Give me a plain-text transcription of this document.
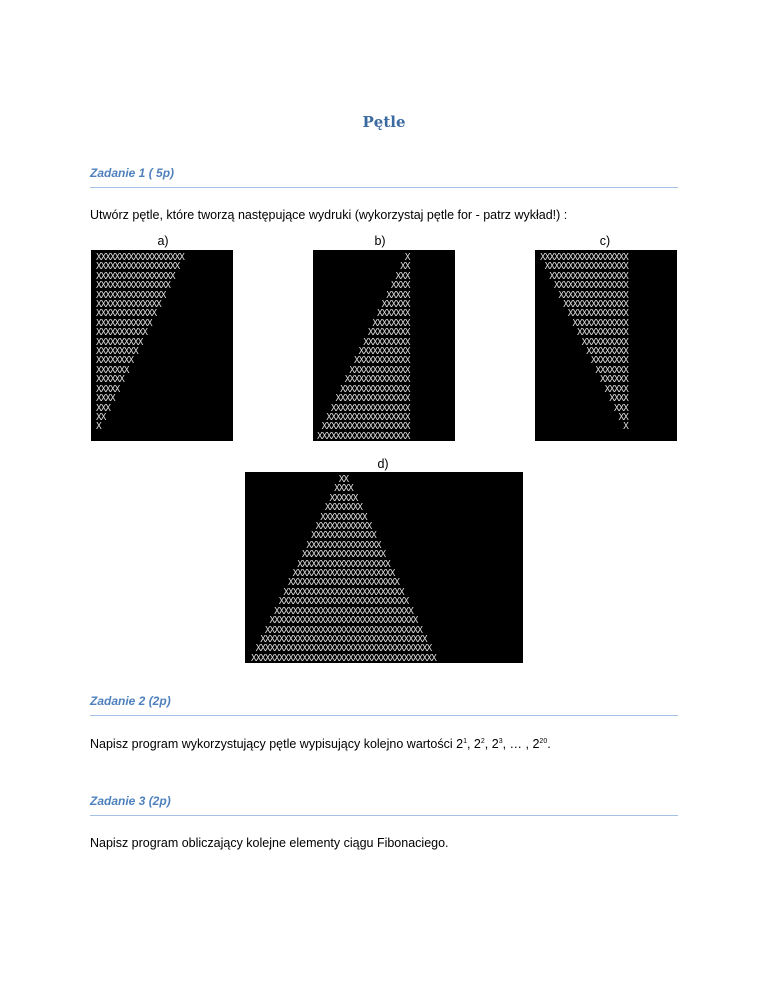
Pętle
Zadanie 1 ( 5p)
Utwórz pętle, które tworzą następujące wydruki (wykorzystaj pętle for - patrz wykład!) :
a)	b)	c)
XXXXXXXXXXXXXXXXXXX
XXXXXXXXXXXXXXXXXX
XXXXXXXXXXXXXXXXX
XXXXXXXXXXXXXXXX
XXXXXXXXXXXXXXX
XXXXXXXXXXXXXX
XXXXXXXXXXXXX
XXXXXXXXXXXX
XXXXXXXXXXX
XXXXXXXXXX
XXXXXXXXX
XXXXXXXX
XXXXXXX
XXXXXX
XXXXX
XXXX
XXX
XX
X
X
XX
XXX
XXXX
XXXXX
XXXXXX
XXXXXXX
XXXXXXXX
XXXXXXXXX
XXXXXXXXXX
XXXXXXXXXXX
XXXXXXXXXXXX
XXXXXXXXXXXXX
XXXXXXXXXXXXXX
XXXXXXXXXXXXXXX
XXXXXXXXXXXXXXXX
XXXXXXXXXXXXXXXXX
XXXXXXXXXXXXXXXXXX
XXXXXXXXXXXXXXXXXXX
XXXXXXXXXXXXXXXXXXXX
XXXXXXXXXXXXXXXXXXX
XXXXXXXXXXXXXXXXXX
XXXXXXXXXXXXXXXXX
XXXXXXXXXXXXXXXX
XXXXXXXXXXXXXXX
XXXXXXXXXXXXXX
XXXXXXXXXXXXX
XXXXXXXXXXXX
XXXXXXXXXXX
XXXXXXXXXX
XXXXXXXXX
XXXXXXXX
XXXXXXX
XXXXXX
XXXXX
XXXX
XXX
XX
X
d)
XX
XXXX
XXXXXX
XXXXXXXX
XXXXXXXXXX
XXXXXXXXXXXX
XXXXXXXXXXXXXX
XXXXXXXXXXXXXXXX
XXXXXXXXXXXXXXXXXX
XXXXXXXXXXXXXXXXXXXX
XXXXXXXXXXXXXXXXXXXXXX
XXXXXXXXXXXXXXXXXXXXXXXX
XXXXXXXXXXXXXXXXXXXXXXXXXX
XXXXXXXXXXXXXXXXXXXXXXXXXXXX
XXXXXXXXXXXXXXXXXXXXXXXXXXXXXX
XXXXXXXXXXXXXXXXXXXXXXXXXXXXXXXX
XXXXXXXXXXXXXXXXXXXXXXXXXXXXXXXXXX
XXXXXXXXXXXXXXXXXXXXXXXXXXXXXXXXXXXX
XXXXXXXXXXXXXXXXXXXXXXXXXXXXXXXXXXXXXX
XXXXXXXXXXXXXXXXXXXXXXXXXXXXXXXXXXXXXXXX
Zadanie 2 (2p)
Napisz program wykorzystujący pętle wypisujący kolejno wartości $2^1$, $2^2$, $2^3$, … , $2^{20}$.
Zadanie 3 (2p)
Napisz program obliczający kolejne elementy ciągu Fibonaciego.
